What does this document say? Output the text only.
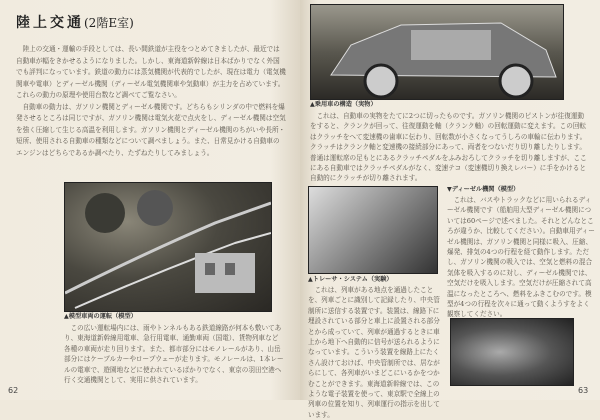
陸上交通(2階E室)

陸上の交通・運輸の手段としては、長い間鉄道が主役をつとめてきましたが、最近では自動車が幅をきかせるようになりました。しかし、東海道新幹線は日本ばかりでなく外国でも評判になっています。鉄道の動力には蒸気機関が代表的でしたが、現在は電力（電気機関車や電車）とディーゼル機関（ディーゼル電気機関車や気動車）が主力を占めています。これらの動力の原理や使用台数など調べてご覧なさい。

自動車の動力は、ガソリン機関とディーゼル機関です。どちらもシリンダの中で燃料を爆発させるところは同じですが、ガソリン機関は電気火花で点火をし、ディーゼル機関は空気を強く圧縮して生じる高温を利用します。ガソリン機関とディーゼル機関のちがいや長所・短所、使用される自動車の種類などについて調べましょう。また、日常見かける自動車のエンジンはどちらであるか調べたり、たずねたりしてみましょう。

▲模型車両の運転（模型）

この広い運転場内には、雨やトンネルもある鉄道線路が何本も敷いてあり、東海道新幹線用電車、急行用電車、通勤車両（国電）、貨物列車など各種の車両が走り回ります。また、都市部分にはモノレールがあり、山岳部分にはケーブルカーやロープウェーが走ります。モノレールは、1本レールの電車で、遊園地などに使われているばかりでなく、東京の羽田空港へ行く交通機関として、実用に供されています。

62
▲乗用車の構造（実物）

これは、自動車の実物をたてに2つに切ったものです。ガソリン機関のピストンが往復運動をすると、クランクが回って、往復運動を軸（クランク軸）の回転運動に変えます。この回転はクラッチをへて変速機の歯車に伝わり、回転数が小さくなってうしろの車輪に伝わります。クラッチはクランク軸と変速機の接続部分にあって、両者をつないだり切り離したりします。普通は運転席の足もとにあるクラッチペダルをふみおろしてクラッチを切り離しますが、ここにある自動車ではクラッチペダルがなく、変速テコ（変速機切り換えレバー）に手をかけると自動的にクラッチが切り離されます。

▲トレーサ・システム（実験）

これは、列車がある地点を通過したことを、列車ごとに識別して記録したり、中央管制所に送信する装置です。装置は、線路下に埋設されている部分と車上に設置される部分とから成っていて、列車が通過するときに車上から地下へ自動的に信号が送られるようになっています。こういう装置を線路上にたくさん設けておけば、中央管制所では、居ながらにして、各列車がいまどこにいるかをつかむことができます。東海道新幹線では、このような電子装置を使って、東京駅で全線上の列車の位置を知り、列車運行の指示を出しています。

▼ディーゼル機関（模型）

これは、バスやトラックなどに用いられるディーゼル機関です（船舶用大型ディーゼル機関については60ページで述べました。それとどんなところが違うか、比較してください）。自動車用ディーゼル機関は、ガソリン機関と同様に吸入、圧縮、爆発、排気の4つの行程を経て動作します。ただし、ガソリン機関の吸入では、空気と燃料の混合気体を吸入するのに対し、ディーゼル機関では、空気だけを吸入します。空気だけが圧縮されて高温になったところへ、燃料をふきこむのです。模型が4つの行程を次々に通って動くようすをよく観察してください。

63
